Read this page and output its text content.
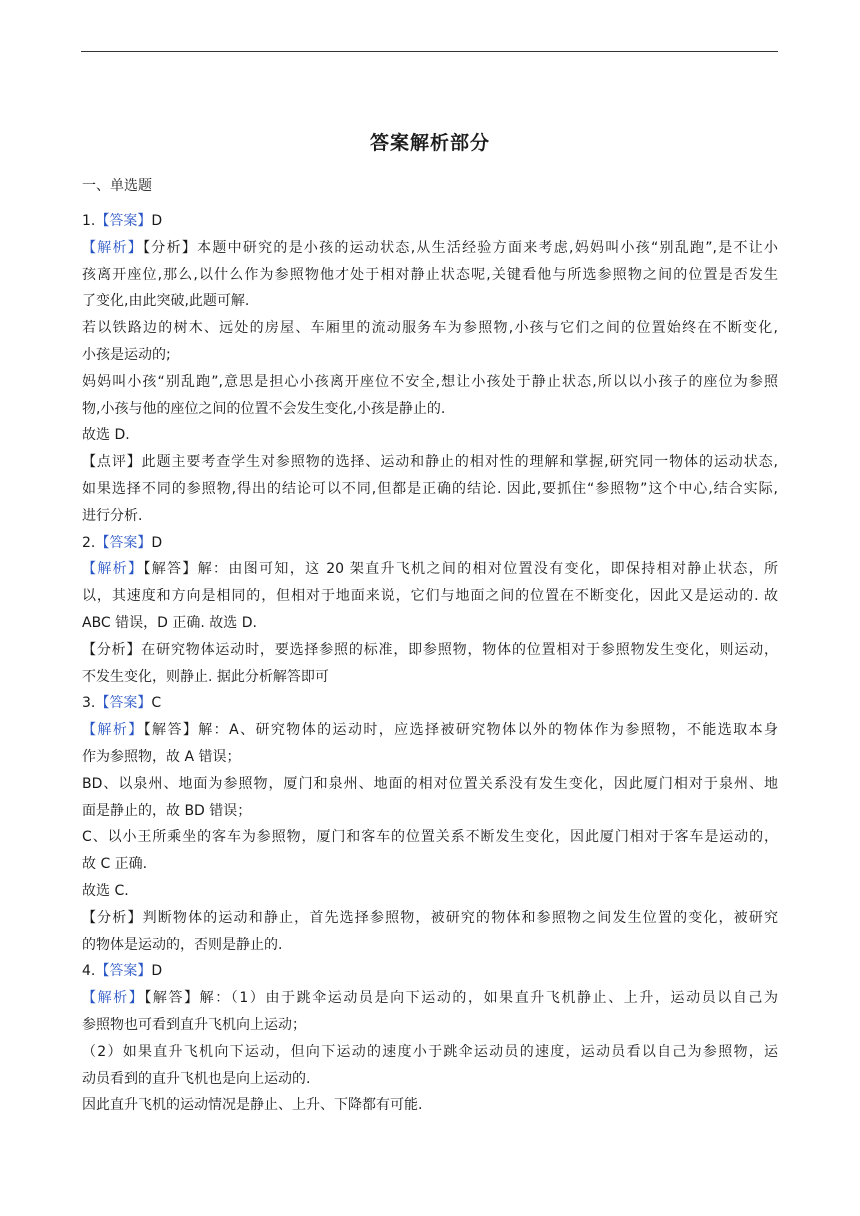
答案解析部分
一、单选题
1.【答案】D
【解析】【分析】本题中研究的是小孩的运动状态,从生活经验方面来考虑,妈妈叫小孩“别乱跑”,是不让小
孩离开座位,那么,以什么作为参照物他才处于相对静止状态呢,关键看他与所选参照物之间的位置是否发生
了变化,由此突破,此题可解.
若以铁路边的树木、远处的房屋、车厢里的流动服务车为参照物,小孩与它们之间的位置始终在不断变化,
小孩是运动的;
妈妈叫小孩“别乱跑”,意思是担心小孩离开座位不安全,想让小孩处于静止状态,所以以小孩子的座位为参照
物,小孩与他的座位之间的位置不会发生变化,小孩是静止的.
故选 D.
【点评】此题主要考查学生对参照物的选择、运动和静止的相对性的理解和掌握,研究同一物体的运动状态,
如果选择不同的参照物,得出的结论可以不同,但都是正确的结论. 因此,要抓住“参照物”这个中心,结合实际,
进行分析.
2.【答案】D
【解析】【解答】解：由图可知，这 20 架直升飞机之间的相对位置没有变化，即保持相对静止状态，所
以，其速度和方向是相同的，但相对于地面来说，它们与地面之间的位置在不断变化，因此又是运动的. 故
ABC 错误，D 正确. 故选 D.
【分析】在研究物体运动时，要选择参照的标准，即参照物，物体的位置相对于参照物发生变化，则运动，
不发生变化，则静止. 据此分析解答即可
3.【答案】C
【解析】【解答】解：A、研究物体的运动时，应选择被研究物体以外的物体作为参照物，不能选取本身
作为参照物，故 A 错误；
BD、以泉州、地面为参照物，厦门和泉州、地面的相对位置关系没有发生变化，因此厦门相对于泉州、地
面是静止的，故 BD 错误；
C、以小王所乘坐的客车为参照物，厦门和客车的位置关系不断发生变化，因此厦门相对于客车是运动的，
故 C 正确.
故选 C.
【分析】判断物体的运动和静止，首先选择参照物，被研究的物体和参照物之间发生位置的变化，被研究
的物体是运动的，否则是静止的.
4.【答案】D
【解析】【解答】解：（1）由于跳伞运动员是向下运动的，如果直升飞机静止、上升，运动员以自己为
参照物也可看到直升飞机向上运动；
（2）如果直升飞机向下运动，但向下运动的速度小于跳伞运动员的速度，运动员看以自己为参照物，运
动员看到的直升飞机也是向上运动的.
因此直升飞机的运动情况是静止、上升、下降都有可能.
